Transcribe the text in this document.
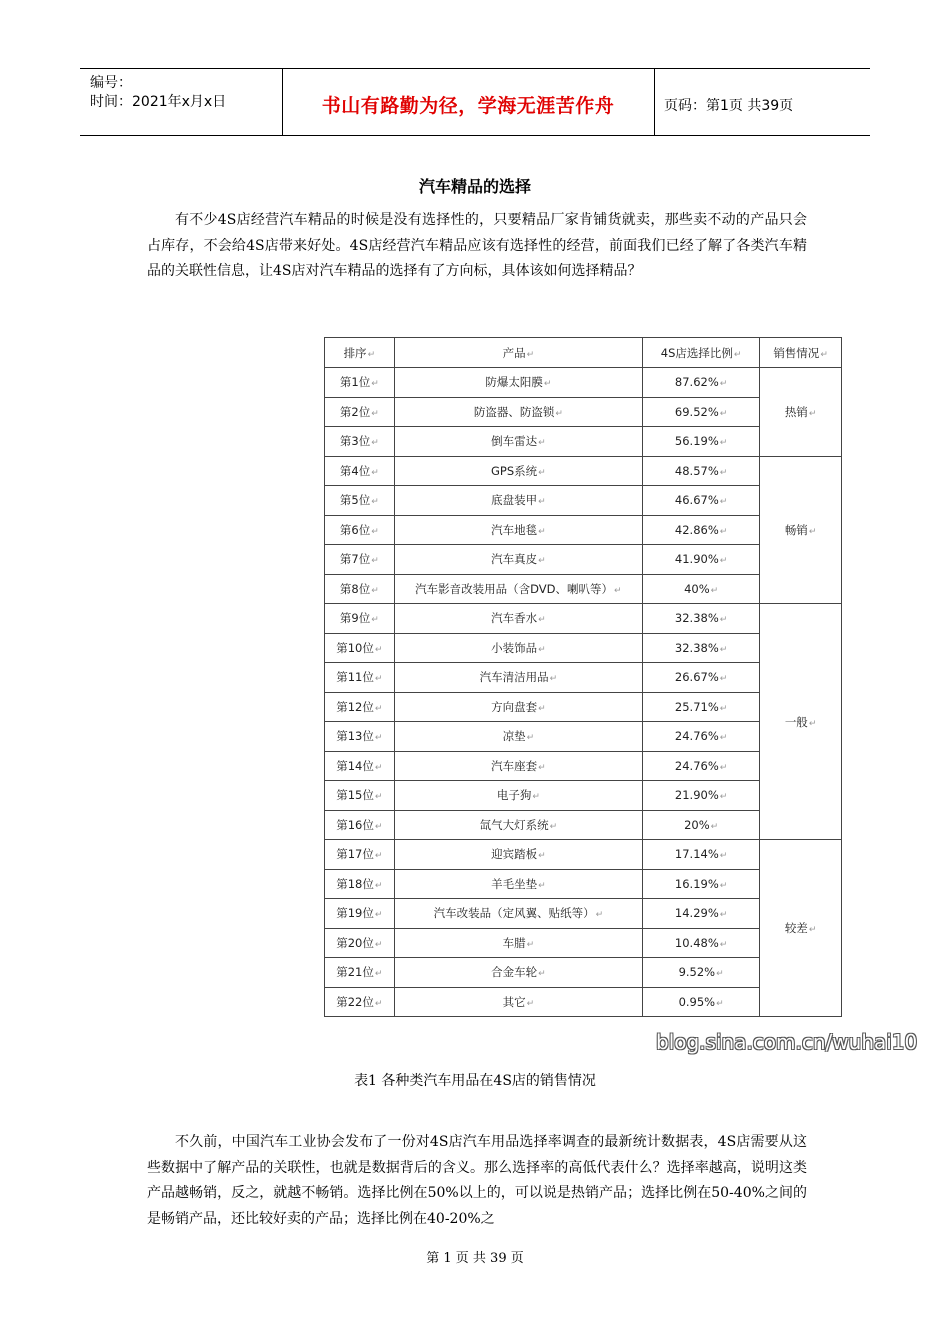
编号：
时间：2021年x月x日	书山有路勤为径，学海无涯苦作舟	页码：第1页 共39页
汽车精品的选择
有不少4S店经营汽车精品的时候是没有选择性的，只要精品厂家肯铺货就卖，那些卖不动的产品只会占库存，不会给4S店带来好处。4S店经营汽车精品应该有选择性的经营，前面我们已经了解了各类汽车精品的关联性信息，让4S店对汽车精品的选择有了方向标，具体该如何选择精品？
排序↵	产品↵	4S店选择比例↵	销售情况↵
第1位↵	防爆太阳膜↵	87.62%↵	热销↵
第2位↵	防盗器、防盗锁↵	69.52%↵	
第3位↵	倒车雷达↵	56.19%↵	
第4位↵	GPS系统↵	48.57%↵	畅销↵
第5位↵	底盘装甲↵	46.67%↵	
第6位↵	汽车地毯↵	42.86%↵	
第7位↵	汽车真皮↵	41.90%↵	
第8位↵	汽车影音改装用品（含DVD、喇叭等）↵	40%↵	
第9位↵	汽车香水↵	32.38%↵	一般↵
第10位↵	小装饰品↵	32.38%↵	
第11位↵	汽车清洁用品↵	26.67%↵	
第12位↵	方向盘套↵	25.71%↵	
第13位↵	凉垫↵	24.76%↵	
第14位↵	汽车座套↵	24.76%↵	
第15位↵	电子狗↵	21.90%↵	
第16位↵	氙气大灯系统↵	20%↵	
第17位↵	迎宾踏板↵	17.14%↵	较差↵
第18位↵	羊毛坐垫↵	16.19%↵	
第19位↵	汽车改装品（定风翼、贴纸等）↵	14.29%↵	
第20位↵	车腊↵	10.48%↵	
第21位↵	合金车轮↵	9.52%↵	
第22位↵	其它↵	0.95%↵	
blog.sina.com.cn/wuhai10
表1 各种类汽车用品在4S店的销售情况
不久前，中国汽车工业协会发布了一份对4S店汽车用品选择率调查的最新统计数据表，4S店需要从这些数据中了解产品的关联性，也就是数据背后的含义。那么选择率的高低代表什么？选择率越高，说明这类产品越畅销，反之，就越不畅销。选择比例在50%以上的，可以说是热销产品；选择比例在50-40%之间的是畅销产品，还比较好卖的产品；选择比例在40-20%之
第 1 页 共 39 页
